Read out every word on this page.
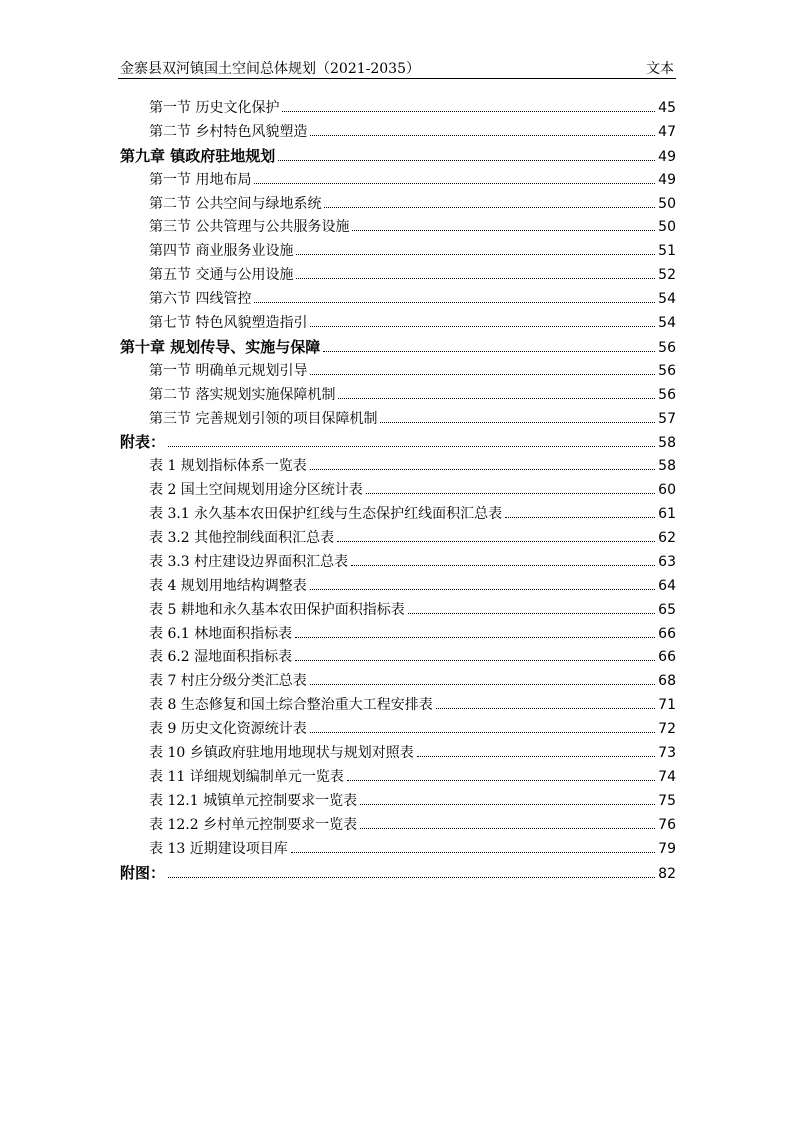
金寨县双河镇国土空间总体规划（2021-2035）	文本
第一节 历史文化保护	45
第二节 乡村特色风貌塑造	47
第九章 镇政府驻地规划	49
第一节 用地布局	49
第二节 公共空间与绿地系统	50
第三节 公共管理与公共服务设施	50
第四节 商业服务业设施	51
第五节 交通与公用设施	52
第六节 四线管控	54
第七节 特色风貌塑造指引	54
第十章 规划传导、实施与保障	56
第一节 明确单元规划引导	56
第二节 落实规划实施保障机制	56
第三节 完善规划引领的项目保障机制	57
附表：	58
表 1 规划指标体系一览表	58
表 2 国土空间规划用途分区统计表	60
表 3.1 永久基本农田保护红线与生态保护红线面积汇总表	61
表 3.2 其他控制线面积汇总表	62
表 3.3 村庄建设边界面积汇总表	63
表 4 规划用地结构调整表	64
表 5 耕地和永久基本农田保护面积指标表	65
表 6.1 林地面积指标表	66
表 6.2 湿地面积指标表	66
表 7 村庄分级分类汇总表	68
表 8 生态修复和国土综合整治重大工程安排表	71
表 9 历史文化资源统计表	72
表 10 乡镇政府驻地用地现状与规划对照表	73
表 11 详细规划编制单元一览表	74
表 12.1 城镇单元控制要求一览表	75
表 12.2 乡村单元控制要求一览表	76
表 13 近期建设项目库	79
附图：	82
